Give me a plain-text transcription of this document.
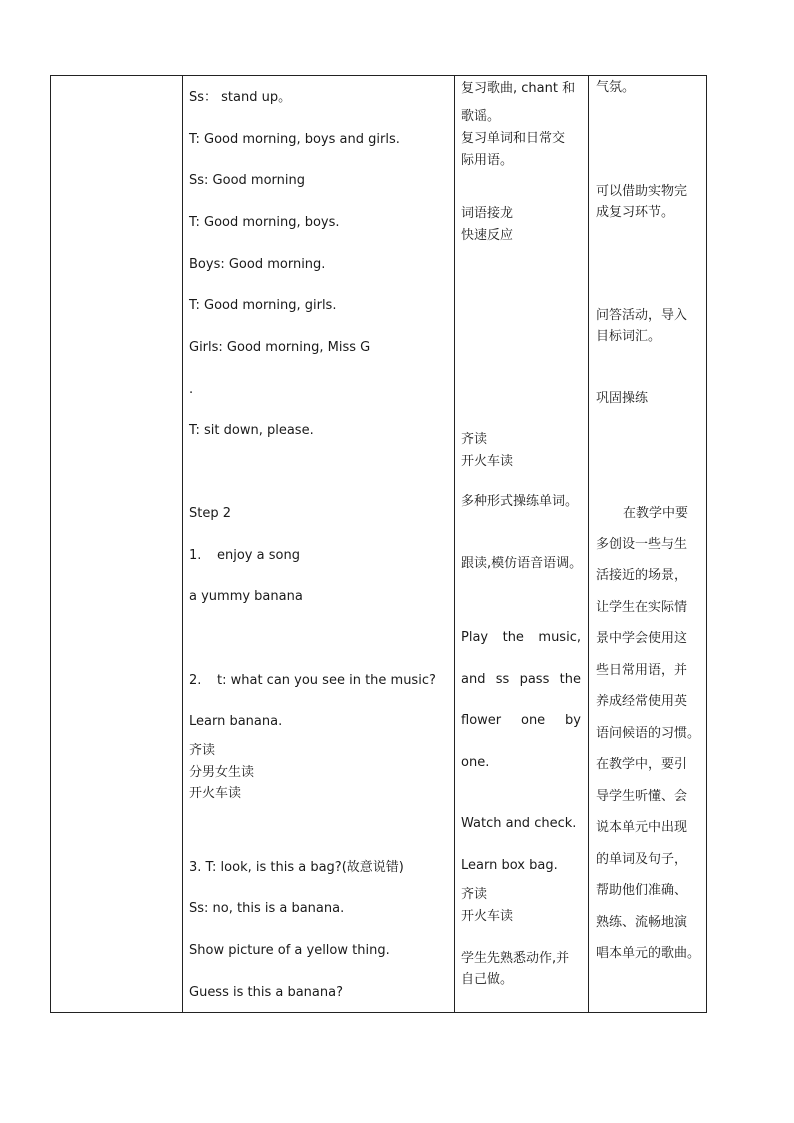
Ss： stand up。
T: Good morning, boys and girls.
Ss: Good morning
T: Good morning, boys.
Boys: Good morning.
T: Good morning, girls.
Girls: Good morning, Miss G
.
T: sit down, please.
Step 2
1. enjoy a song
a yummy banana
2. t: what can you see in the music?
Learn banana.
齐读
分男女生读
开火车读
3. T: look, is this a bag?(故意说错)
Ss: no, this is a banana.
Show picture of a yellow thing.
Guess is this a banana?
复习歌曲, chant 和
歌谣。
复习单词和日常交
际用语。
词语接龙
快速反应
齐读
开火车读
多种形式操练单词。
跟读,模仿语音语调。
Play the music,
and ss pass the
flower one by
one.
Watch and check.
Learn box bag.
齐读
开火车读
学生先熟悉动作,并
自己做。
气氛。
可以借助实物完
成复习环节。
问答活动，导入
目标词汇。
巩固操练
在教学中要
多创设一些与生
活接近的场景，
让学生在实际情
景中学会使用这
些日常用语，并
养成经常使用英
语问候语的习惯。
在教学中，要引
导学生听懂、会
说本单元中出现
的单词及句子，
帮助他们准确、
熟练、流畅地演
唱本单元的歌曲。
